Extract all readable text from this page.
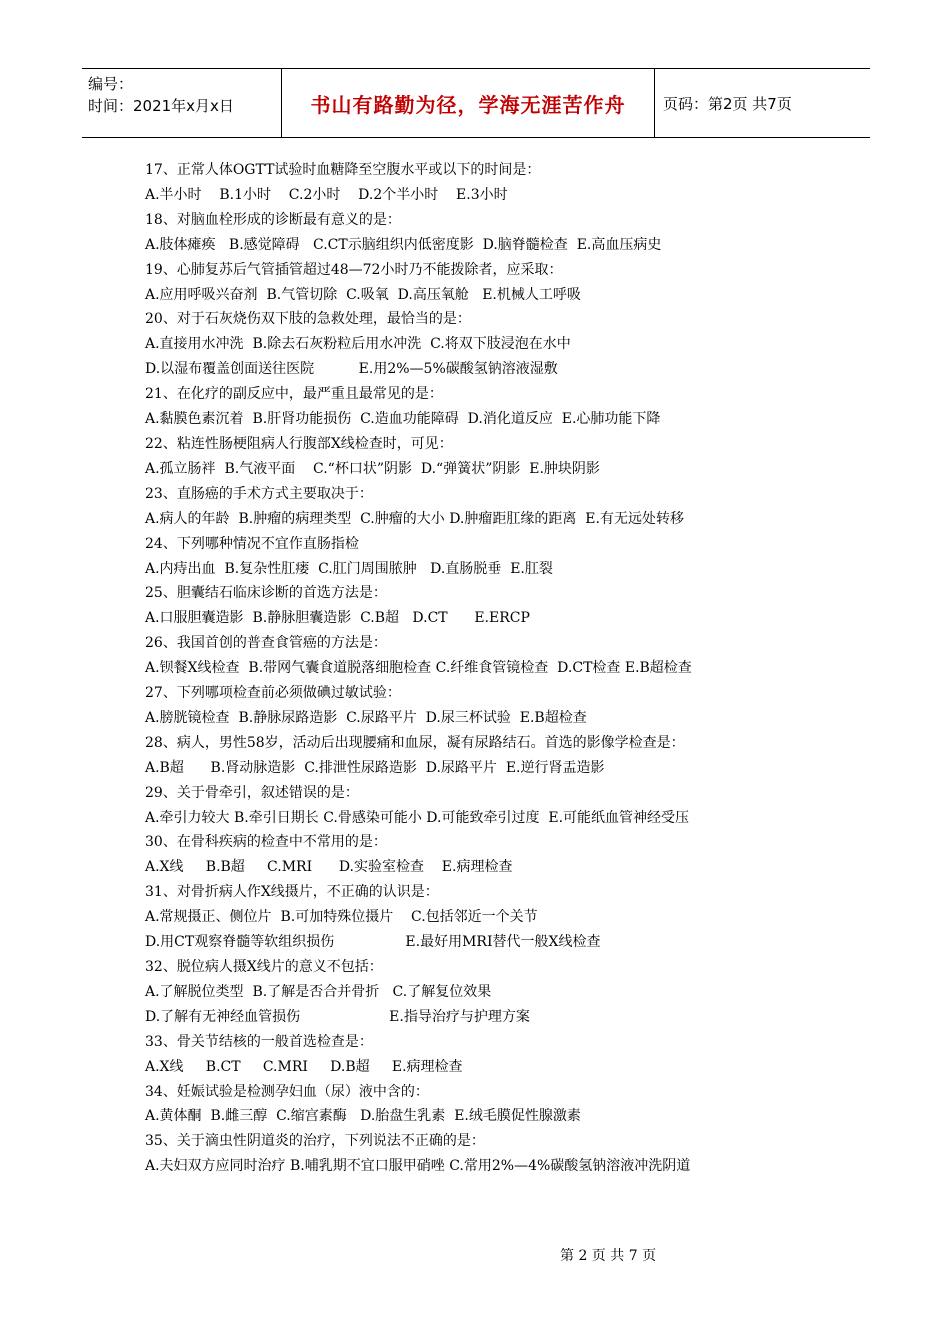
编号：
时间：2021年x月x日	书山有路勤为径，学海无涯苦作舟	页码：第2页 共7页
17、正常人体OGTT试验时血糖降至空腹水平或以下的时间是：
A.半小时    B.1小时    C.2小时    D.2个半小时    E.3小时
18、对脑血栓形成的诊断最有意义的是：
A.肢体瘫痪   B.感觉障碍   C.CT示脑组织内低密度影  D.脑脊髓检查  E.高血压病史
19、心肺复苏后气管插管超过48—72小时乃不能拨除者，应采取：
A.应用呼吸兴奋剂  B.气管切除  C.吸氧  D.高压氧舱   E.机械人工呼吸
20、对于石灰烧伤双下肢的急救处理，最恰当的是：
A.直接用水冲洗  B.除去石灰粉粒后用水冲洗  C.将双下肢浸泡在水中
D.以湿布覆盖创面送往医院          E.用2%—5%碳酸氢钠溶液湿敷
21、在化疗的副反应中，最严重且最常见的是：
A.黏膜色素沉着  B.肝肾功能损伤  C.造血功能障碍  D.消化道反应  E.心肺功能下降
22、粘连性肠梗阻病人行腹部X线检查时，可见：
A.孤立肠袢  B.气液平面    C.“杯口状”阴影  D.“弹簧状”阴影  E.肿块阴影
23、直肠癌的手术方式主要取决于：
A.病人的年龄  B.肿瘤的病理类型  C.肿瘤的大小 D.肿瘤距肛缘的距离  E.有无远处转移
24、下列哪种情况不宜作直肠指检
A.内痔出血  B.复杂性肛瘘  C.肛门周围脓肿   D.直肠脱垂  E.肛裂
25、胆囊结石临床诊断的首选方法是：
A.口服胆囊造影  B.静脉胆囊造影  C.B超   D.CT      E.ERCP
26、我国首创的普查食管癌的方法是：
A.钡餐X线检查  B.带网气囊食道脱落细胞检查 C.纤维食管镜检查  D.CT检查 E.B超检查
27、下列哪项检查前必须做碘过敏试验：
A.膀胱镜检查  B.静脉尿路造影  C.尿路平片  D.尿三杯试验  E.B超检查
28、病人，男性58岁，活动后出现腰痛和血尿，凝有尿路结石。首选的影像学检查是：
A.B超      B.肾动脉造影  C.排泄性尿路造影  D.尿路平片  E.逆行肾盂造影
29、关于骨牵引，叙述错误的是：
A.牵引力较大 B.牵引日期长 C.骨感染可能小 D.可能致牵引过度  E.可能纸血管神经受压
30、在骨科疾病的检查中不常用的是：
A.X线     B.B超     C.MRI      D.实验室检查    E.病理检查
31、对骨折病人作X线摄片，不正确的认识是：
A.常规摄正、侧位片  B.可加特殊位摄片    C.包括邻近一个关节
D.用CT观察脊髓等软组织损伤                E.最好用MRI替代一般X线检查
32、脱位病人摄X线片的意义不包括：
A.了解脱位类型  B.了解是否合并骨折   C.了解复位效果
D.了解有无神经血管损伤                    E.指导治疗与护理方案
33、骨关节结核的一般首选检查是：
A.X线     B.CT     C.MRI     D.B超     E.病理检查
34、妊娠试验是检测孕妇血（尿）液中含的：
A.黄体酮  B.雌三醇  C.缩宫素酶   D.胎盘生乳素  E.绒毛膜促性腺激素
35、关于滴虫性阴道炎的治疗，下列说法不正确的是：
A.夫妇双方应同时治疗 B.哺乳期不宜口服甲硝唑 C.常用2%—4%碳酸氢钠溶液冲洗阴道
第 2 页 共 7 页
